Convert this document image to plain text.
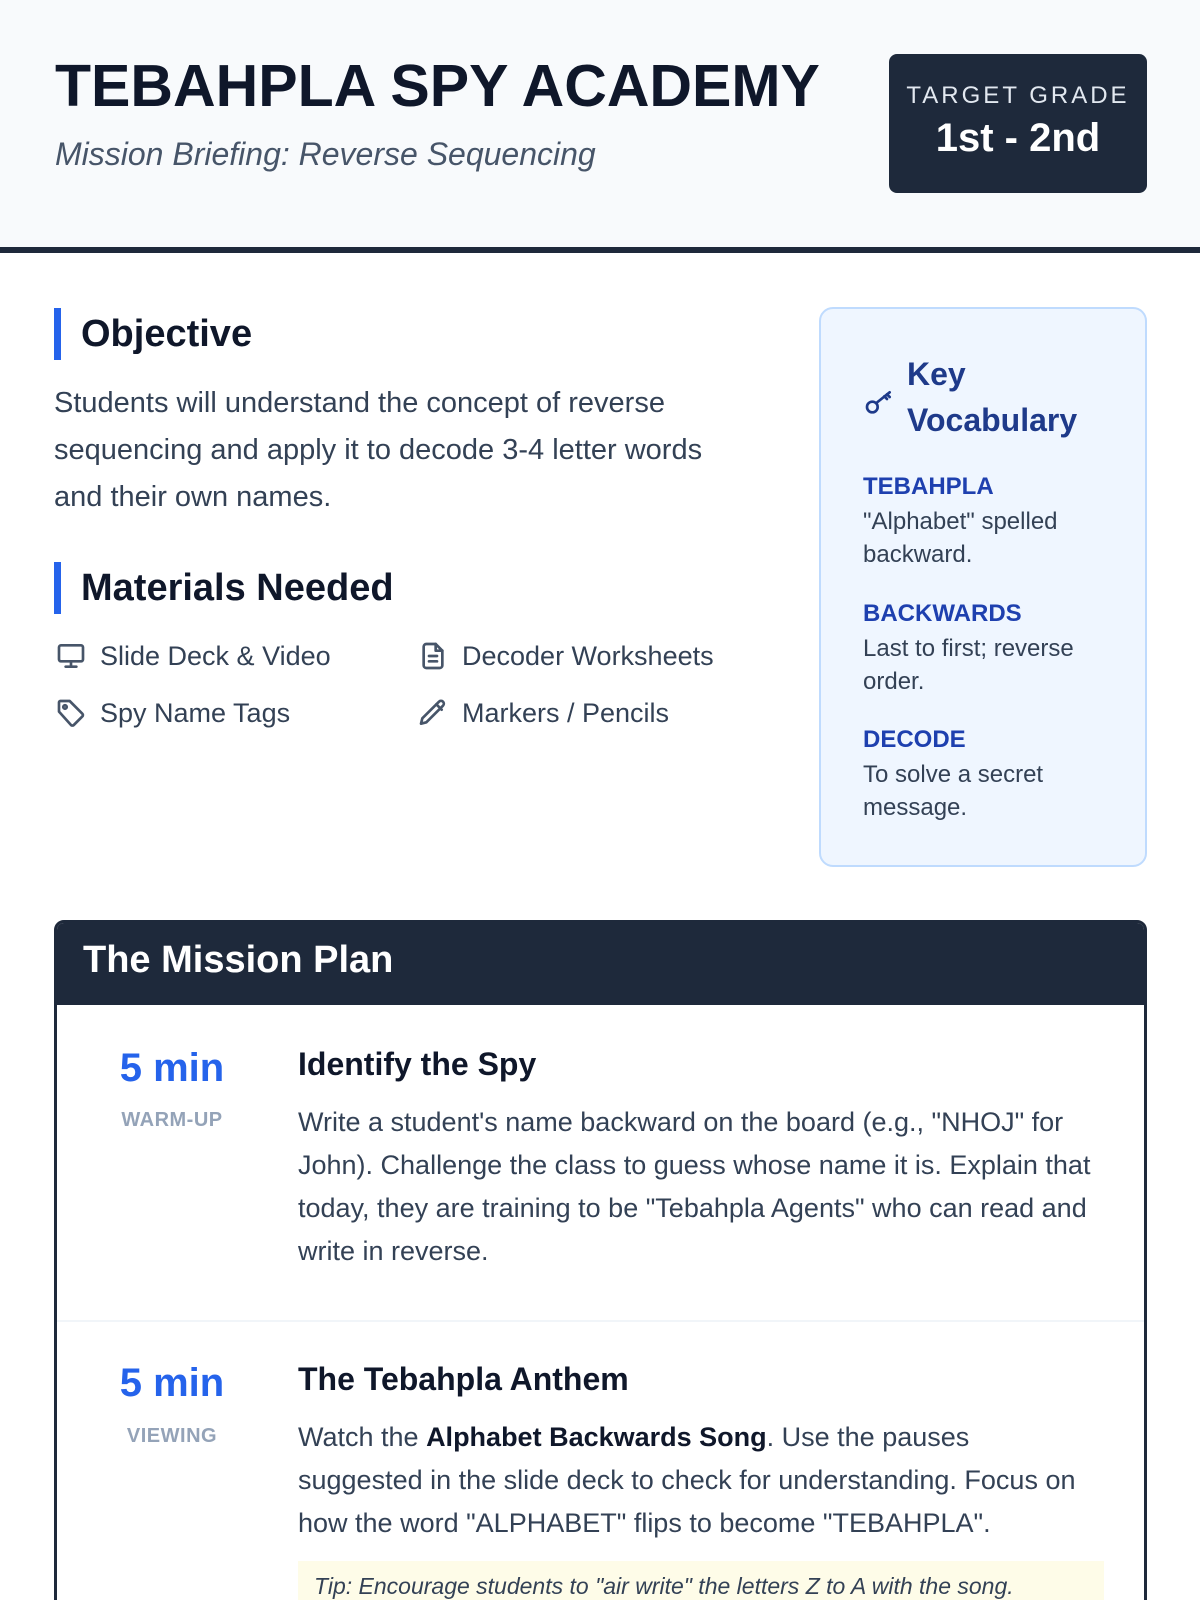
TEBAHPLA SPY ACADEMY
Mission Briefing: Reverse Sequencing
TARGET GRADE
1st - 2nd
Objective
Students will understand the concept of reverse sequencing and apply it to decode 3-4 letter words and their own names.
Materials Needed
Slide Deck & Video	Decoder Worksheets
Spy Name Tags	Markers / Pencils
Key Vocabulary
TEBAHPLA
"Alphabet" spelled backward.
BACKWARDS
Last to first; reverse order.
DECODE
To solve a secret message.
The Mission Plan
5 min
WARM-UP
Identify the Spy
Write a student's name backward on the board (e.g., "NHOJ" for John). Challenge the class to guess whose name it is. Explain that today, they are training to be "Tebahpla Agents" who can read and write in reverse.
5 min
VIEWING
The Tebahpla Anthem
Watch the Alphabet Backwards Song. Use the pauses suggested in the slide deck to check for understanding. Focus on how the word "ALPHABET" flips to become "TEBAHPLA".
Tip: Encourage students to "air write" the letters Z to A with the song.
